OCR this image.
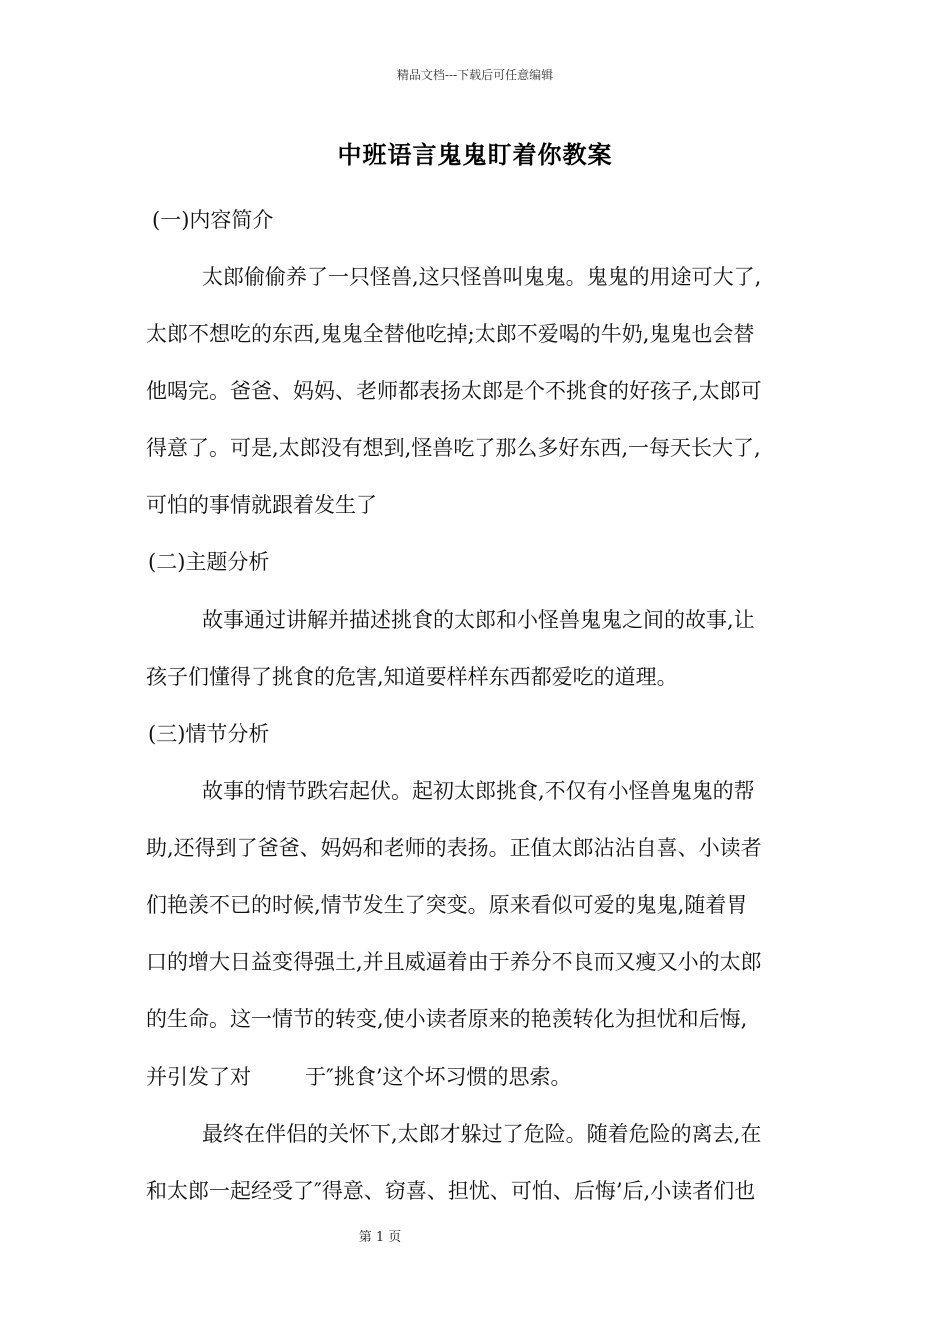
精品文档---下载后可任意编辑
中班语言鬼鬼盯着你教案
(一)内容简介
太郎偷偷养了一只怪兽,这只怪兽叫鬼鬼。鬼鬼的用途可大了,
太郎不想吃的东西,鬼鬼全替他吃掉;太郎不爱喝的牛奶,鬼鬼也会替
他喝完。爸爸、妈妈、老师都表扬太郎是个不挑食的好孩子,太郎可
得意了。可是,太郎没有想到,怪兽吃了那么多好东西,一每天长大了,
可怕的事情就跟着发生了
(二)主题分析
故事通过讲解并描述挑食的太郎和小怪兽鬼鬼之间的故事,让
孩子们懂得了挑食的危害,知道要样样东西都爱吃的道理。
(三)情节分析
故事的情节跌宕起伏。起初太郎挑食,不仅有小怪兽鬼鬼的帮
助,还得到了爸爸、妈妈和老师的表扬。正值太郎沾沾自喜、小读者
们艳羡不已的时候,情节发生了突变。原来看似可爱的鬼鬼,随着胃
口的增大日益变得强土,并且威逼着由于养分不良而又瘦又小的太郎
的生命。这一情节的转变,使小读者原来的艳羡转化为担忧和后悔,
并引发了对	于″挑食’这个坏习惯的思索。
最终在伴侣的关怀下,太郎才躲过了危险。随着危险的离去,在
和太郎一起经受了″得意、窃喜、担忧、可怕、后悔’后,小读者们也
第 1 页
